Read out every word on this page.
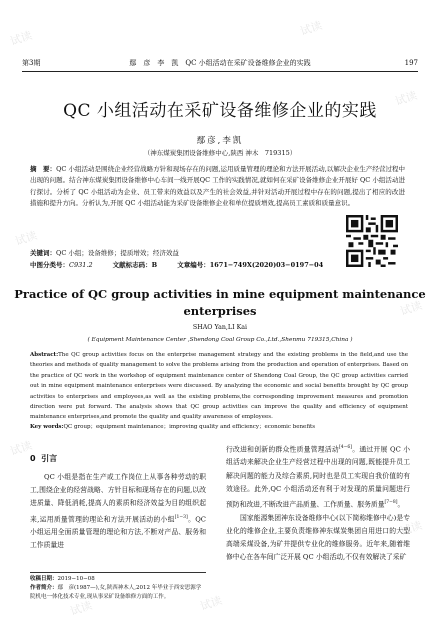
试读
试读
试读
试读
试读
试读
试读
试读
试读
第3期	鄢　彦　李　凯　QC 小组活动在采矿设备维修企业的实践	197
QC 小组活动在采矿设备维修企业的实践
鄢彦,李凯
（神东煤炭集团设备维修中心,陕西 神木　719315）
摘　要：QC 小组活动是围绕企业经营战略方针和现场存在的问题,运用质量管理的理论和方法开展活动,以解决企业生产经营过程中出现的问题。结合神东煤炭集团设备维修中心车间一线开展QC 工作的实践情况,就如何在采矿设备维修企业开展好 QC 小组活动进行探讨。分析了 QC 小组活动为企业、员工带来的效益以及产生的社会效益,并针对活动开展过程中存在的问题,提出了相应的改进措施和提升方向。分析认为,开展 QC 小组活动能为采矿设备维修企业和单位提质增效,提高员工素质和质量意识。
关键词：QC 小组；设备维修；提质增效；经济效益
中图分类号：C931.2	文献标志码：B	文章编号：1671−749X(2020)03−0197−04
Practice of QC group activities in mine equipment maintenance enterprises
SHAO Yan,LI Kai
( Equipment Maintenance Center ,Shendong Coal Group Co.,Ltd.,Shenmu 719315,China )
Abstract:The QC group activities focus on the enterprise management strategy and the existing problems in the field,and use the theories and methods of quality management to solve the problems arising from the production and operation of enterprises. Based on the practice of QC work in the workshop of equipment maintenance center of Shendong Coal Group, the QC group activities carried out in mine equipment maintenance enterprises were discussed. By analyzing the economic and social benefits brought by QC group activities to enterprises and employees,as well as the existing problems,the corresponding improvement measures and promotion direction were put forward. The analysis shows that QC group activities can improve the quality and efficiency of equipment maintenance enterprises,and promote the quality and quality awareness of employees.
Key words:QC group；equipment maintenance；improving quality and efficiency；economic benefits
0 引言

QC 小组是指在生产或工作岗位上从事各种劳动的职工,围绕企业的经营战略、方针目标和现场存在的问题,以改进质量、降低消耗,提高人的素质和经济效益为目的组织起来,运用质量管理的理论和方法开展活动的小组[1−3]。QC 小组运用全面质量管理的理论和方法,不断对产品、服务和工作质量进

收稿日期：2019−10−08
作者简介：鄢　彦(1987—),女,陕西神木人,2012 年毕业于西安思源学院机电一体化技术专业,现从事采矿设备维修方面的工作。

行改进和创新的群众性质量管理活动[4−6]。通过开展 QC 小组活动来解决企业生产经营过程中出现的问题,既能提升员工解决问题的能力及综合素质,同时也是员工实现自我价值的有效途径。此外,QC 小组活动还有利于对发现的质量问题进行预防和改进,不断改进产品质量、工作质量、服务质量[7−8]。

国家能源集团神东设备维修中心(以下简称维修中心)是专业化的维修企业,主要负责维修神东煤炭集团自用进口的大型高端采煤设备,为矿井提供专业化的维修服务。近年来,随着维修中心在各车间广泛开展 QC 小组活动,不仅有效解决了采矿
